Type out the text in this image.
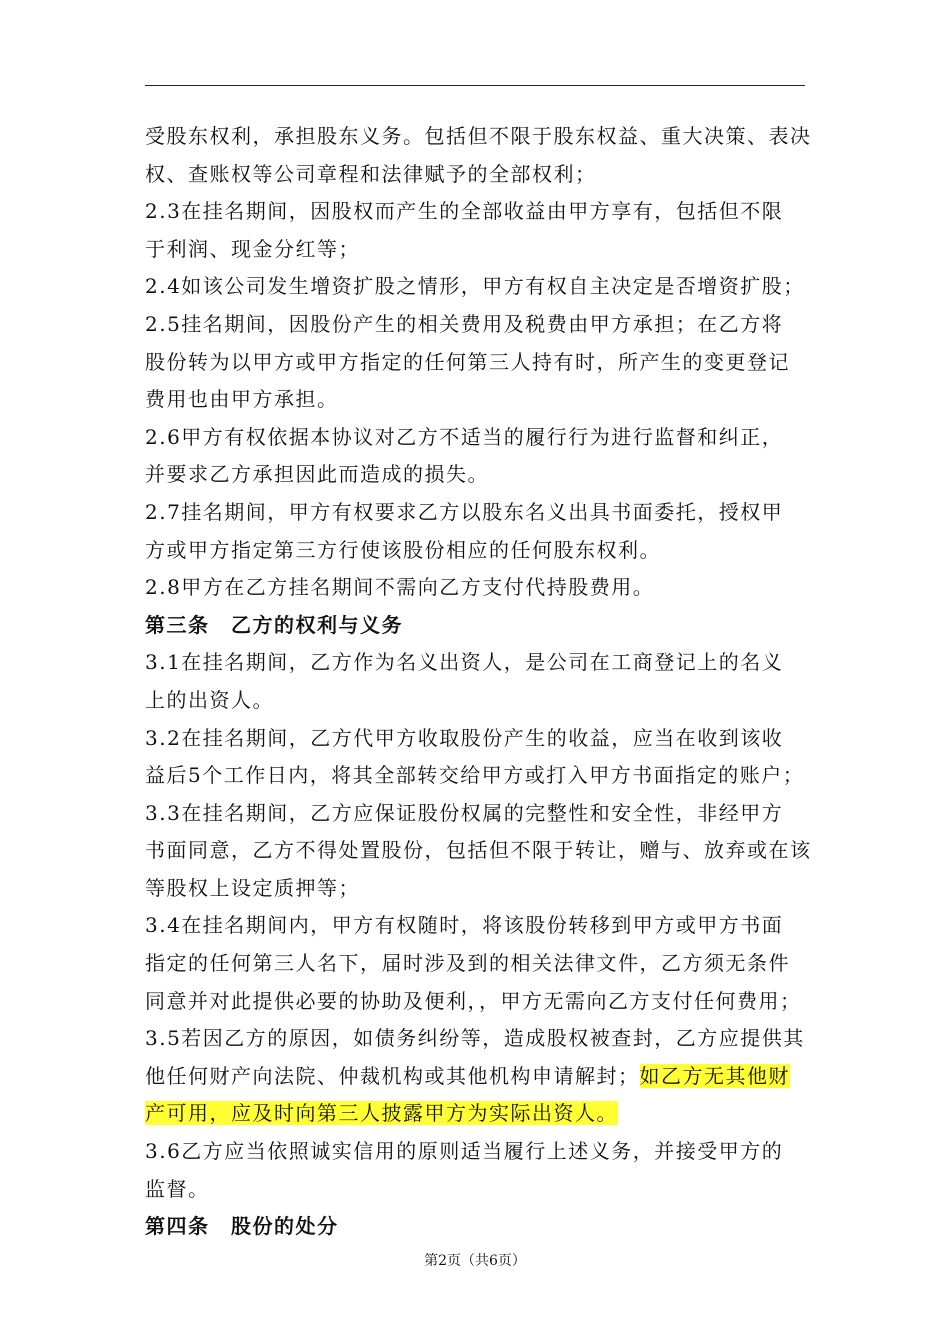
受股东权利，承担股东义务。包括但不限于股东权益、重大决策、表决
权、查账权等公司章程和法律赋予的全部权利；
2.3在挂名期间，因股权而产生的全部收益由甲方享有，包括但不限
于利润、现金分红等；
2.4如该公司发生增资扩股之情形，甲方有权自主决定是否增资扩股；
2.5挂名期间，因股份产生的相关费用及税费由甲方承担；在乙方将
股份转为以甲方或甲方指定的任何第三人持有时，所产生的变更登记
费用也由甲方承担。
2.6甲方有权依据本协议对乙方不适当的履行行为进行监督和纠正，
并要求乙方承担因此而造成的损失。
2.7挂名期间，甲方有权要求乙方以股东名义出具书面委托，授权甲
方或甲方指定第三方行使该股份相应的任何股东权利。
2.8甲方在乙方挂名期间不需向乙方支付代持股费用。
第三条　乙方的权利与义务
3.1在挂名期间，乙方作为名义出资人，是公司在工商登记上的名义
上的出资人。
3.2在挂名期间，乙方代甲方收取股份产生的收益，应当在收到该收
益后5个工作日内，将其全部转交给甲方或打入甲方书面指定的账户；
3.3在挂名期间，乙方应保证股份权属的完整性和安全性，非经甲方
书面同意，乙方不得处置股份，包括但不限于转让，赠与、放弃或在该
等股权上设定质押等；
3.4在挂名期间内，甲方有权随时，将该股份转移到甲方或甲方书面
指定的任何第三人名下，届时涉及到的相关法律文件，乙方须无条件
同意并对此提供必要的协助及便利，，甲方无需向乙方支付任何费用；
3.5若因乙方的原因，如债务纠纷等，造成股权被查封，乙方应提供其
他任何财产向法院、仲裁机构或其他机构申请解封；如乙方无其他财
产可用，应及时向第三人披露甲方为实际出资人。
3.6乙方应当依照诚实信用的原则适当履行上述义务，并接受甲方的
监督。
第四条　股份的处分
第2页（共6页）
